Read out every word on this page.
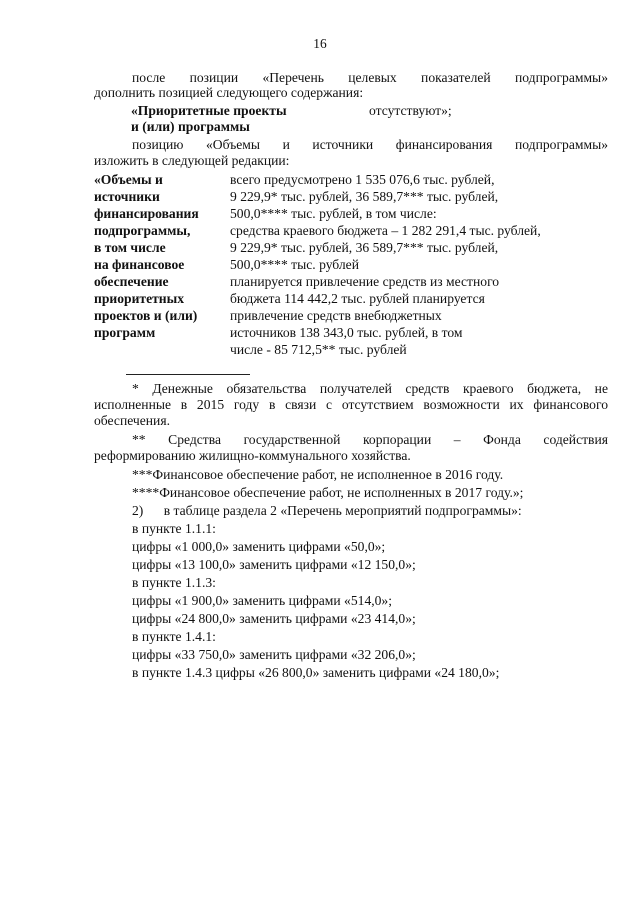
16

после позиции «Перечень целевых показателей подпрограммы»

дополнить позицией следующего содержания:

«Приоритетные проекты	отсутствуют»;

и (или) программы

позицию «Объемы и источники финансирования подпрограммы»

изложить в следующей редакции:

«Объемы и

источники

финансирования

подпрограммы,

в том числе

на финансовое

обеспечение

приоритетных

проектов и (или)

программ

всего предусмотрено 1 535 076,6 тыс. рублей,

9 229,9* тыс. рублей, 36 589,7*** тыс. рублей,

500,0**** тыс. рублей, в том числе:

средства краевого бюджета – 1 282 291,4 тыс. рублей,

9 229,9* тыс. рублей, 36 589,7*** тыс. рублей,

500,0**** тыс. рублей

планируется привлечение средств из местного

бюджета 114 442,2 тыс. рублей планируется

привлечение средств внебюджетных

источников 138 343,0 тыс. рублей, в том

числе - 85 712,5** тыс. рублей

* Денежные обязательства получателей средств краевого бюджета, не

исполненные в 2015 году в связи с отсутствием возможности их финансового

обеспечения.

** Средства государственной корпорации – Фонда содействия

реформированию жилищно-коммунального хозяйства.

***Финансовое обеспечение работ, не исполненное в 2016 году.

****Финансовое обеспечение работ, не исполненных в 2017 году.»;

2)      в таблице раздела 2 «Перечень мероприятий подпрограммы»:

в пункте 1.1.1:

цифры «1 000,0» заменить цифрами «50,0»;

цифры «13 100,0» заменить цифрами «12 150,0»;

в пункте 1.1.3:

цифры «1 900,0» заменить цифрами «514,0»;

цифры «24 800,0» заменить цифрами «23 414,0»;

в пункте 1.4.1:

цифры «33 750,0» заменить цифрами «32 206,0»;

в пункте 1.4.3 цифры «26 800,0» заменить цифрами «24 180,0»;
